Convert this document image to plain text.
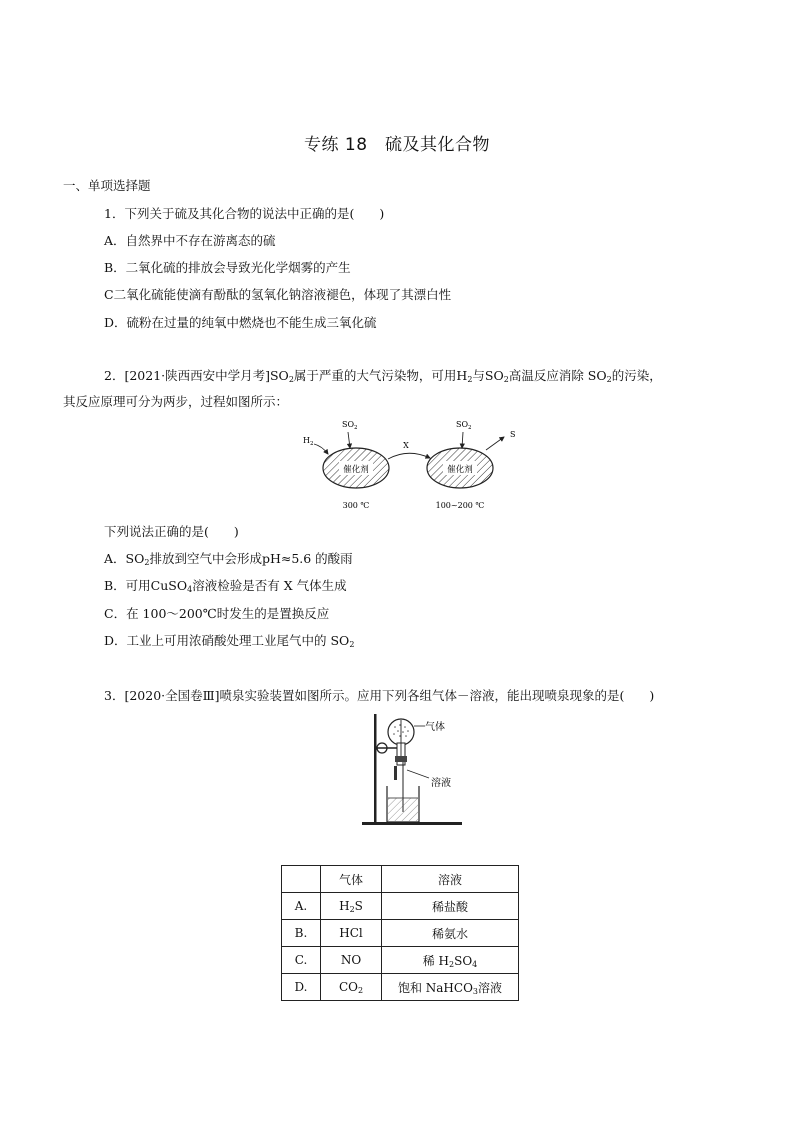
专练 18　硫及其化合物
一、单项选择题
1．下列关于硫及其化合物的说法中正确的是(　　)
A．自然界中不存在游离态的硫
B．二氧化硫的排放会导致光化学烟雾的产生
C二氧化硫能使滴有酚酞的氢氧化钠溶液褪色，体现了其漂白性
D．硫粉在过量的纯氧中燃烧也不能生成三氧化硫
2．[2021·陕西西安中学月考]$SO_2$属于严重的大气污染物，可用$H_2$与$SO_2$高温反应消除 $SO_2$的污染，
其反应原理可分为两步，过程如图所示：
催化剂	催化剂
$H_2$
$SO_2$
X
$SO_2$
S
300 ℃	100~200 ℃
下列说法正确的是(　　)
A．$SO_2$排放到空气中会形成pH≈5.6 的酸雨
B．可用CuSO$_4$溶液检验是否有 X 气体生成
C．在 100～200℃时发生的是置换反应
D．工业上可用浓硝酸处理工业尾气中的 $SO_2$
3．[2020·全国卷Ⅲ]喷泉实验装置如图所示。应用下列各组气体－溶液，能出现喷泉现象的是(　　)
气体
溶液
	气体	溶液
A.	$H_2S$	稀盐酸
B.	HCl	稀氨水
C.	NO	稀 $H_2SO_4$
D.	$CO_2$	饱和 NaHCO$_3$溶液
